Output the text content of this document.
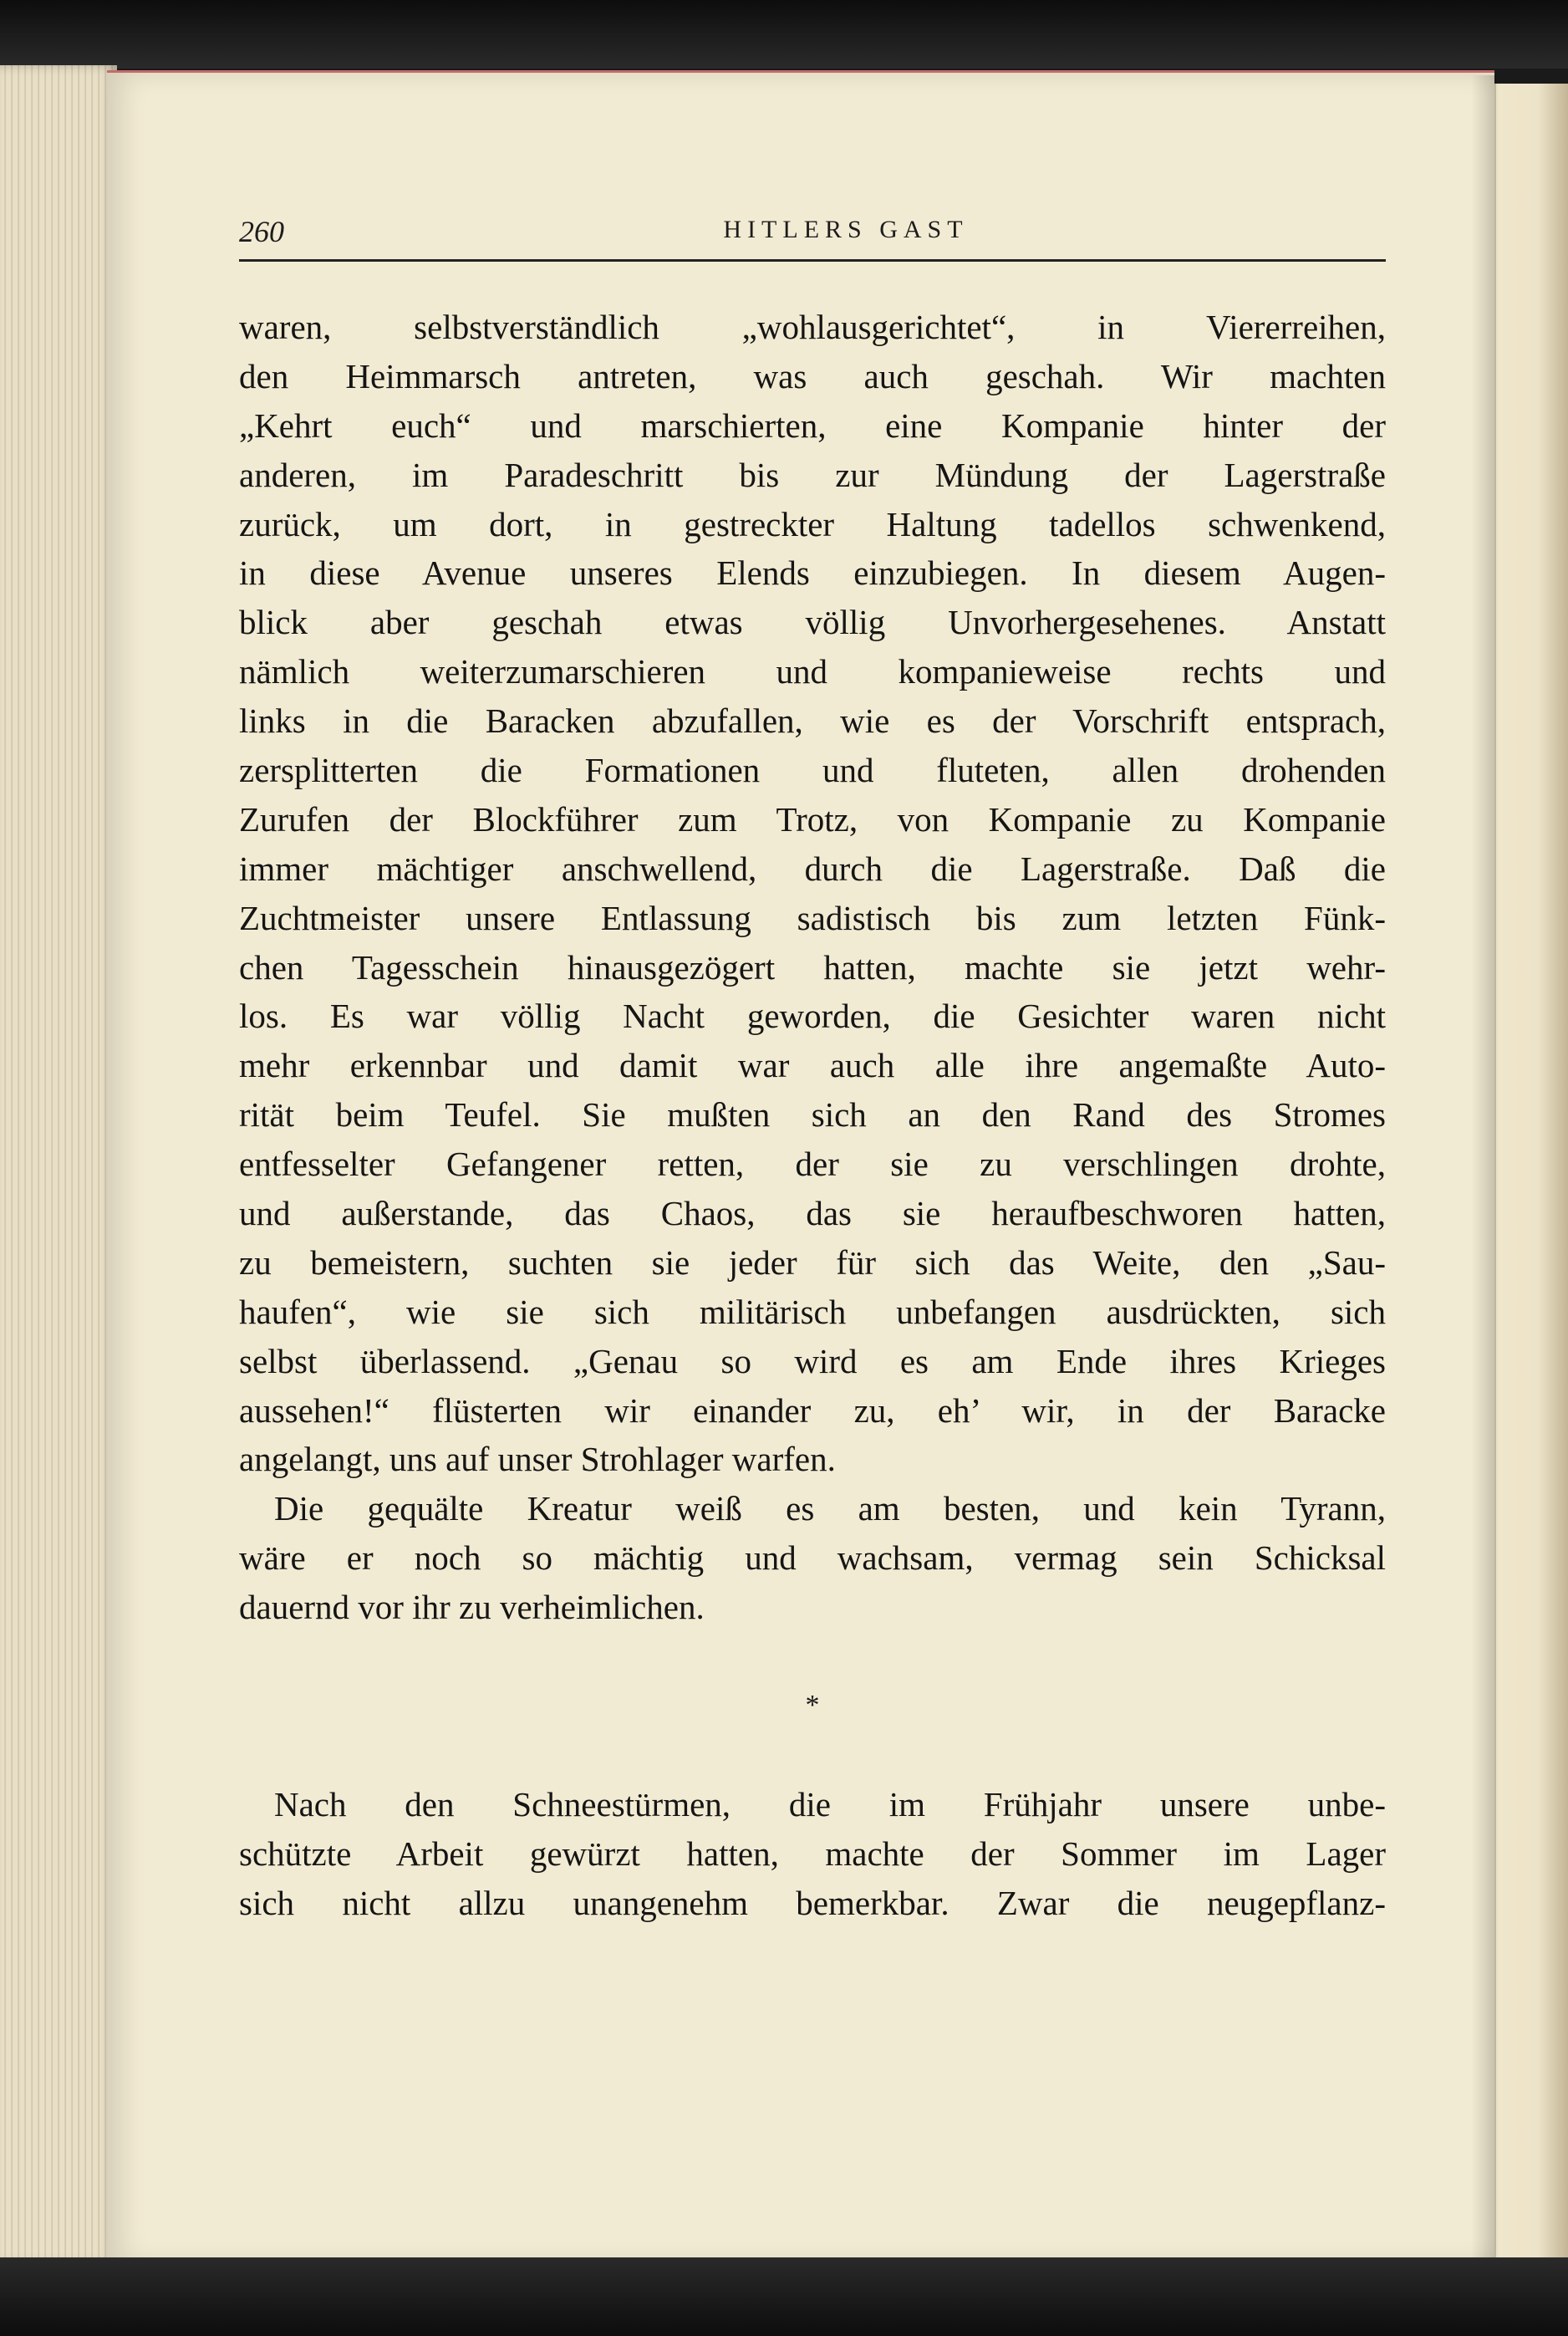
260	HITLERS GAST
waren, selbstverständlich „wohlausgerichtet“, in Viererreihen,
den Heimmarsch antreten, was auch geschah. Wir machten
„Kehrt euch“ und marschierten, eine Kompanie hinter der
anderen, im Paradeschritt bis zur Mündung der Lagerstraße
zurück, um dort, in gestreckter Haltung tadellos schwenkend,
in diese Avenue unseres Elends einzubiegen. In diesem Augen-
blick aber geschah etwas völlig Unvorhergesehenes. Anstatt
nämlich weiterzumarschieren und kompanieweise rechts und
links in die Baracken abzufallen, wie es der Vorschrift entsprach,
zersplitterten die Formationen und fluteten, allen drohenden
Zurufen der Blockführer zum Trotz, von Kompanie zu Kompanie
immer mächtiger anschwellend, durch die Lagerstraße. Daß die
Zuchtmeister unsere Entlassung sadistisch bis zum letzten Fünk-
chen Tagesschein hinausgezögert hatten, machte sie jetzt wehr-
los. Es war völlig Nacht geworden, die Gesichter waren nicht
mehr erkennbar und damit war auch alle ihre angemaßte Auto-
rität beim Teufel. Sie mußten sich an den Rand des Stromes
entfesselter Gefangener retten, der sie zu verschlingen drohte,
und außerstande, das Chaos, das sie heraufbeschworen hatten,
zu bemeistern, suchten sie jeder für sich das Weite, den „Sau-
haufen“, wie sie sich militärisch unbefangen ausdrückten, sich
selbst überlassend. „Genau so wird es am Ende ihres Krieges
aussehen!“ flüsterten wir einander zu, eh’ wir, in der Baracke
angelangt, uns auf unser Strohlager warfen.
Die gequälte Kreatur weiß es am besten, und kein Tyrann,
wäre er noch so mächtig und wachsam, vermag sein Schicksal
dauernd vor ihr zu verheimlichen.
*
Nach den Schneestürmen, die im Frühjahr unsere unbe-
schützte Arbeit gewürzt hatten, machte der Sommer im Lager
sich nicht allzu unangenehm bemerkbar. Zwar die neugepflanz-
